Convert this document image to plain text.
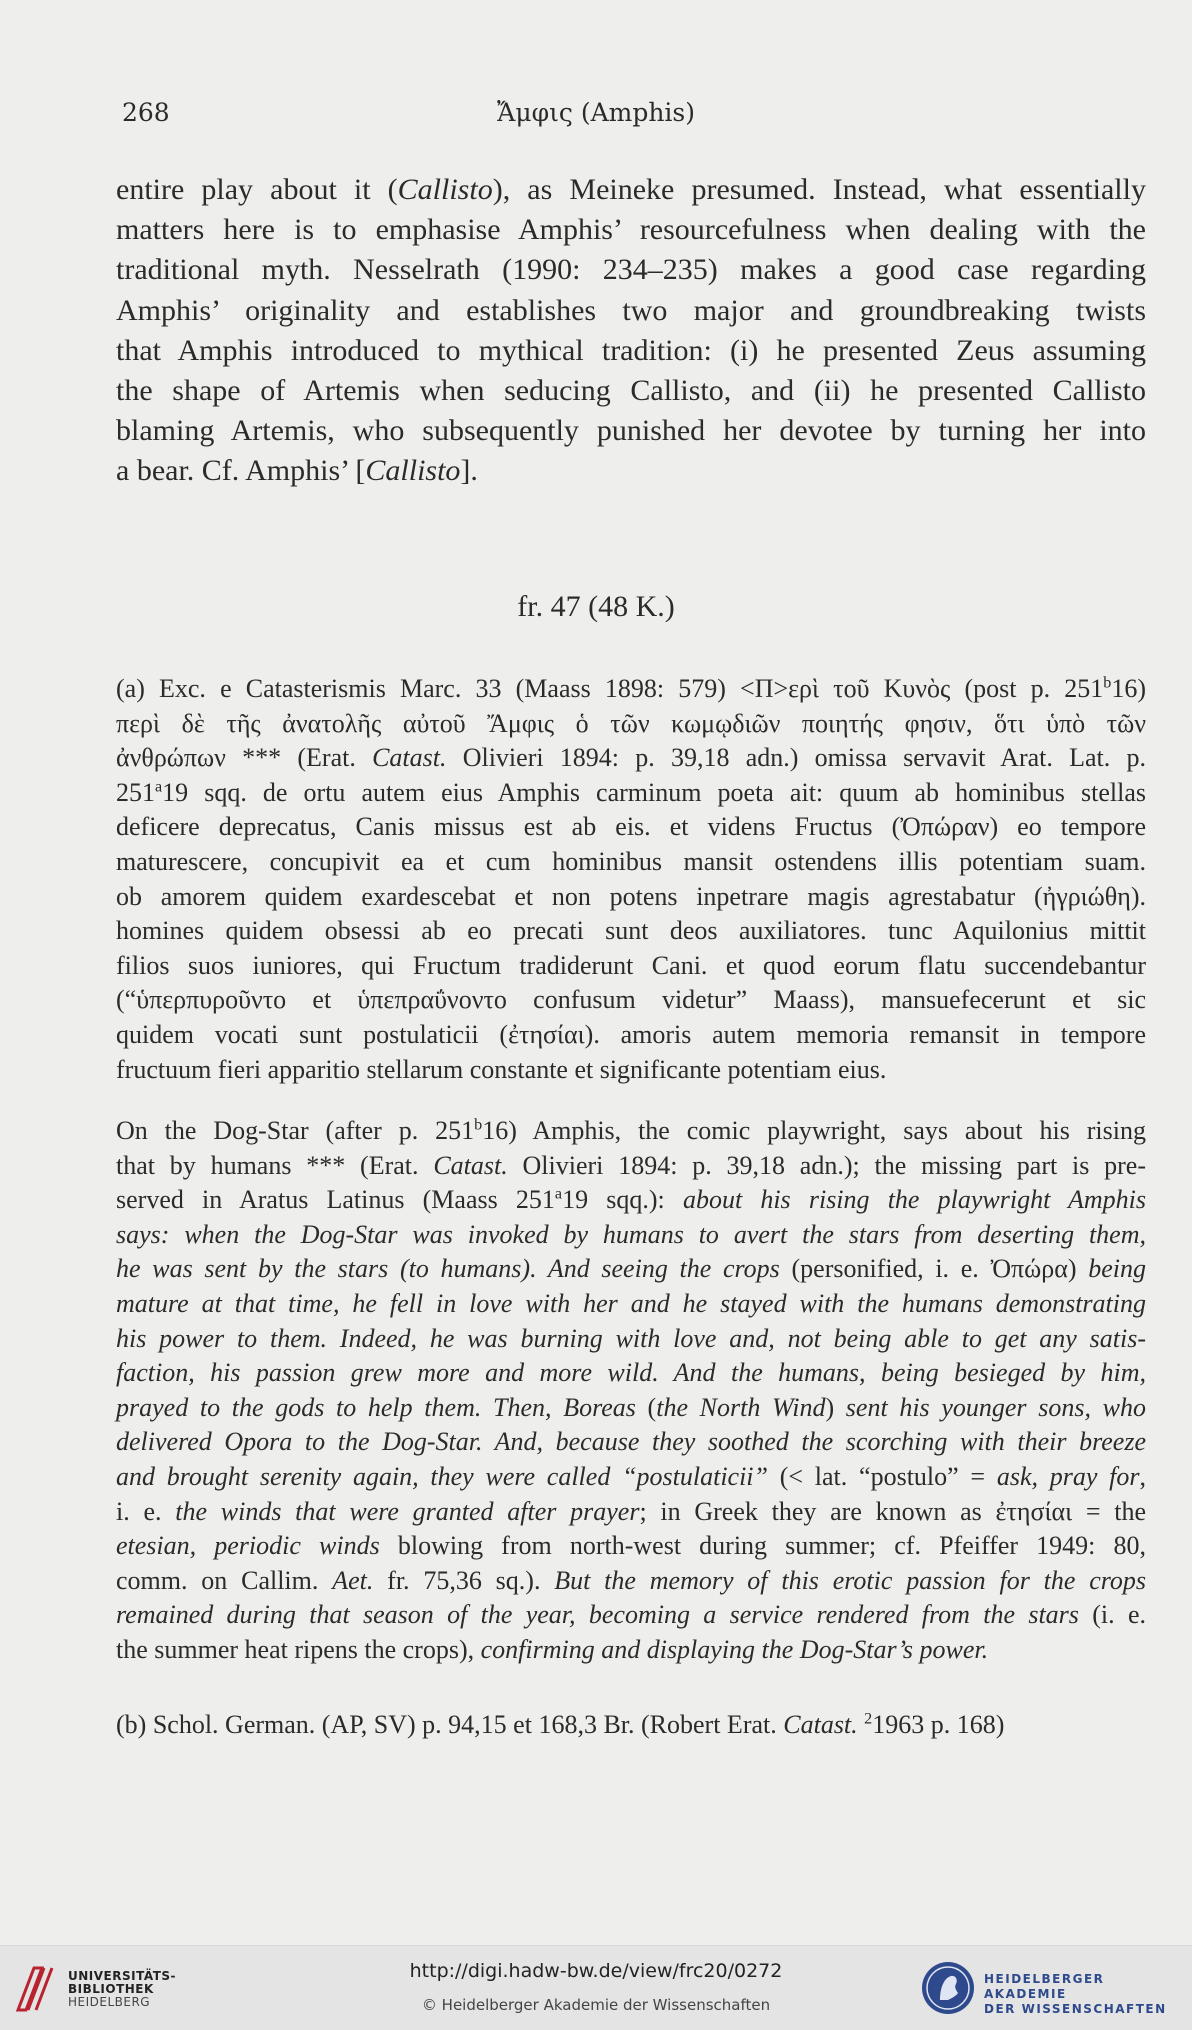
268	Ἄμφις (Amphis)
entire play about it (Callisto), as Meineke presumed. Instead, what essentially
matters here is to emphasise Amphis’ resourcefulness when dealing with the
traditional myth. Nesselrath (1990: 234–235) makes a good case regarding
Amphis’ originality and establishes two major and groundbreaking twists
that Amphis introduced to mythical tradition: (i) he presented Zeus assuming
the shape of Artemis when seducing Callisto, and (ii) he presented Callisto
blaming Artemis, who subsequently punished her devotee by turning her into
a bear. Cf. Amphis’ [Callisto].
fr. 47 (48 K.)
(a) Exc. e Catasterismis Marc. 33 (Maass 1898: 579) <Π>ερὶ τοῦ Κυνὸς (post p. 251$^b$16)
περὶ δὲ τῆς ἀνατολῆς αὐτοῦ Ἄμφις ὁ τῶν κωμῳδιῶν ποιητής φησιν, ὅτι ὑπὸ τῶν
ἀνθρώπων *** (Erat. Catast. Olivieri 1894: p. 39,18 adn.) omissa servavit Arat. Lat. p.
251$^a$19 sqq. de ortu autem eius Amphis carminum poeta ait: quum ab hominibus stellas
deficere deprecatus, Canis missus est ab eis. et videns Fructus (Ὀπώραν) eo tempore
maturescere, concupivit ea et cum hominibus mansit ostendens illis potentiam suam.
ob amorem quidem exardescebat et non potens inpetrare magis agrestabatur (ἠγριώθη).
homines quidem obsessi ab eo precati sunt deos auxiliatores. tunc Aquilonius mittit
filios suos iuniores, qui Fructum tradiderunt Cani. et quod eorum flatu succendebantur
(“ὑπερπυροῦντο et ὑπεπραΰνοντο confusum videtur” Maass), mansuefecerunt et sic
quidem vocati sunt postulaticii (ἐτησίαι). amoris autem memoria remansit in tempore
fructuum fieri apparitio stellarum constante et significante potentiam eius.
On the Dog-Star (after p. 251$^b$16) Amphis, the comic playwright, says about his rising
that by humans *** (Erat. Catast. Olivieri 1894: p. 39,18 adn.); the missing part is pre-
served in Aratus Latinus (Maass 251$^a$19 sqq.): about his rising the playwright Amphis
says: when the Dog-Star was invoked by humans to avert the stars from deserting them,
he was sent by the stars (to humans). And seeing the crops (personified, i. e. Ὀπώρα) being
mature at that time, he fell in love with her and he stayed with the humans demonstrating
his power to them. Indeed, he was burning with love and, not being able to get any satis-
faction, his passion grew more and more wild. And the humans, being besieged by him,
prayed to the gods to help them. Then, Boreas (the North Wind) sent his younger sons, who
delivered Opora to the Dog-Star. And, because they soothed the scorching with their breeze
and brought serenity again, they were called “postulaticii” (< lat. “postulo” = ask, pray for,
i. e. the winds that were granted after prayer; in Greek they are known as ἐτησίαι = the
etesian, periodic winds blowing from north-west during summer; cf. Pfeiffer 1949: 80,
comm. on Callim. Aet. fr. 75,36 sq.). But the memory of this erotic passion for the crops
remained during that season of the year, becoming a service rendered from the stars (i. e.
the summer heat ripens the crops), confirming and displaying the Dog-Star’s power.
(b) Schol. German. (AP, SV) p. 94,15 et 168,3 Br. (Robert Erat. Catast. $^2$1963 p. 168)
UNIVERSITÄTS-
BIBLIOTHEK
HEIDELBERG
http://digi.hadw-bw.de/view/frc20/0272
© Heidelberger Akademie der Wissenschaften
HEIDELBERGER AKADEMIE
DER WISSENSCHAFTEN
